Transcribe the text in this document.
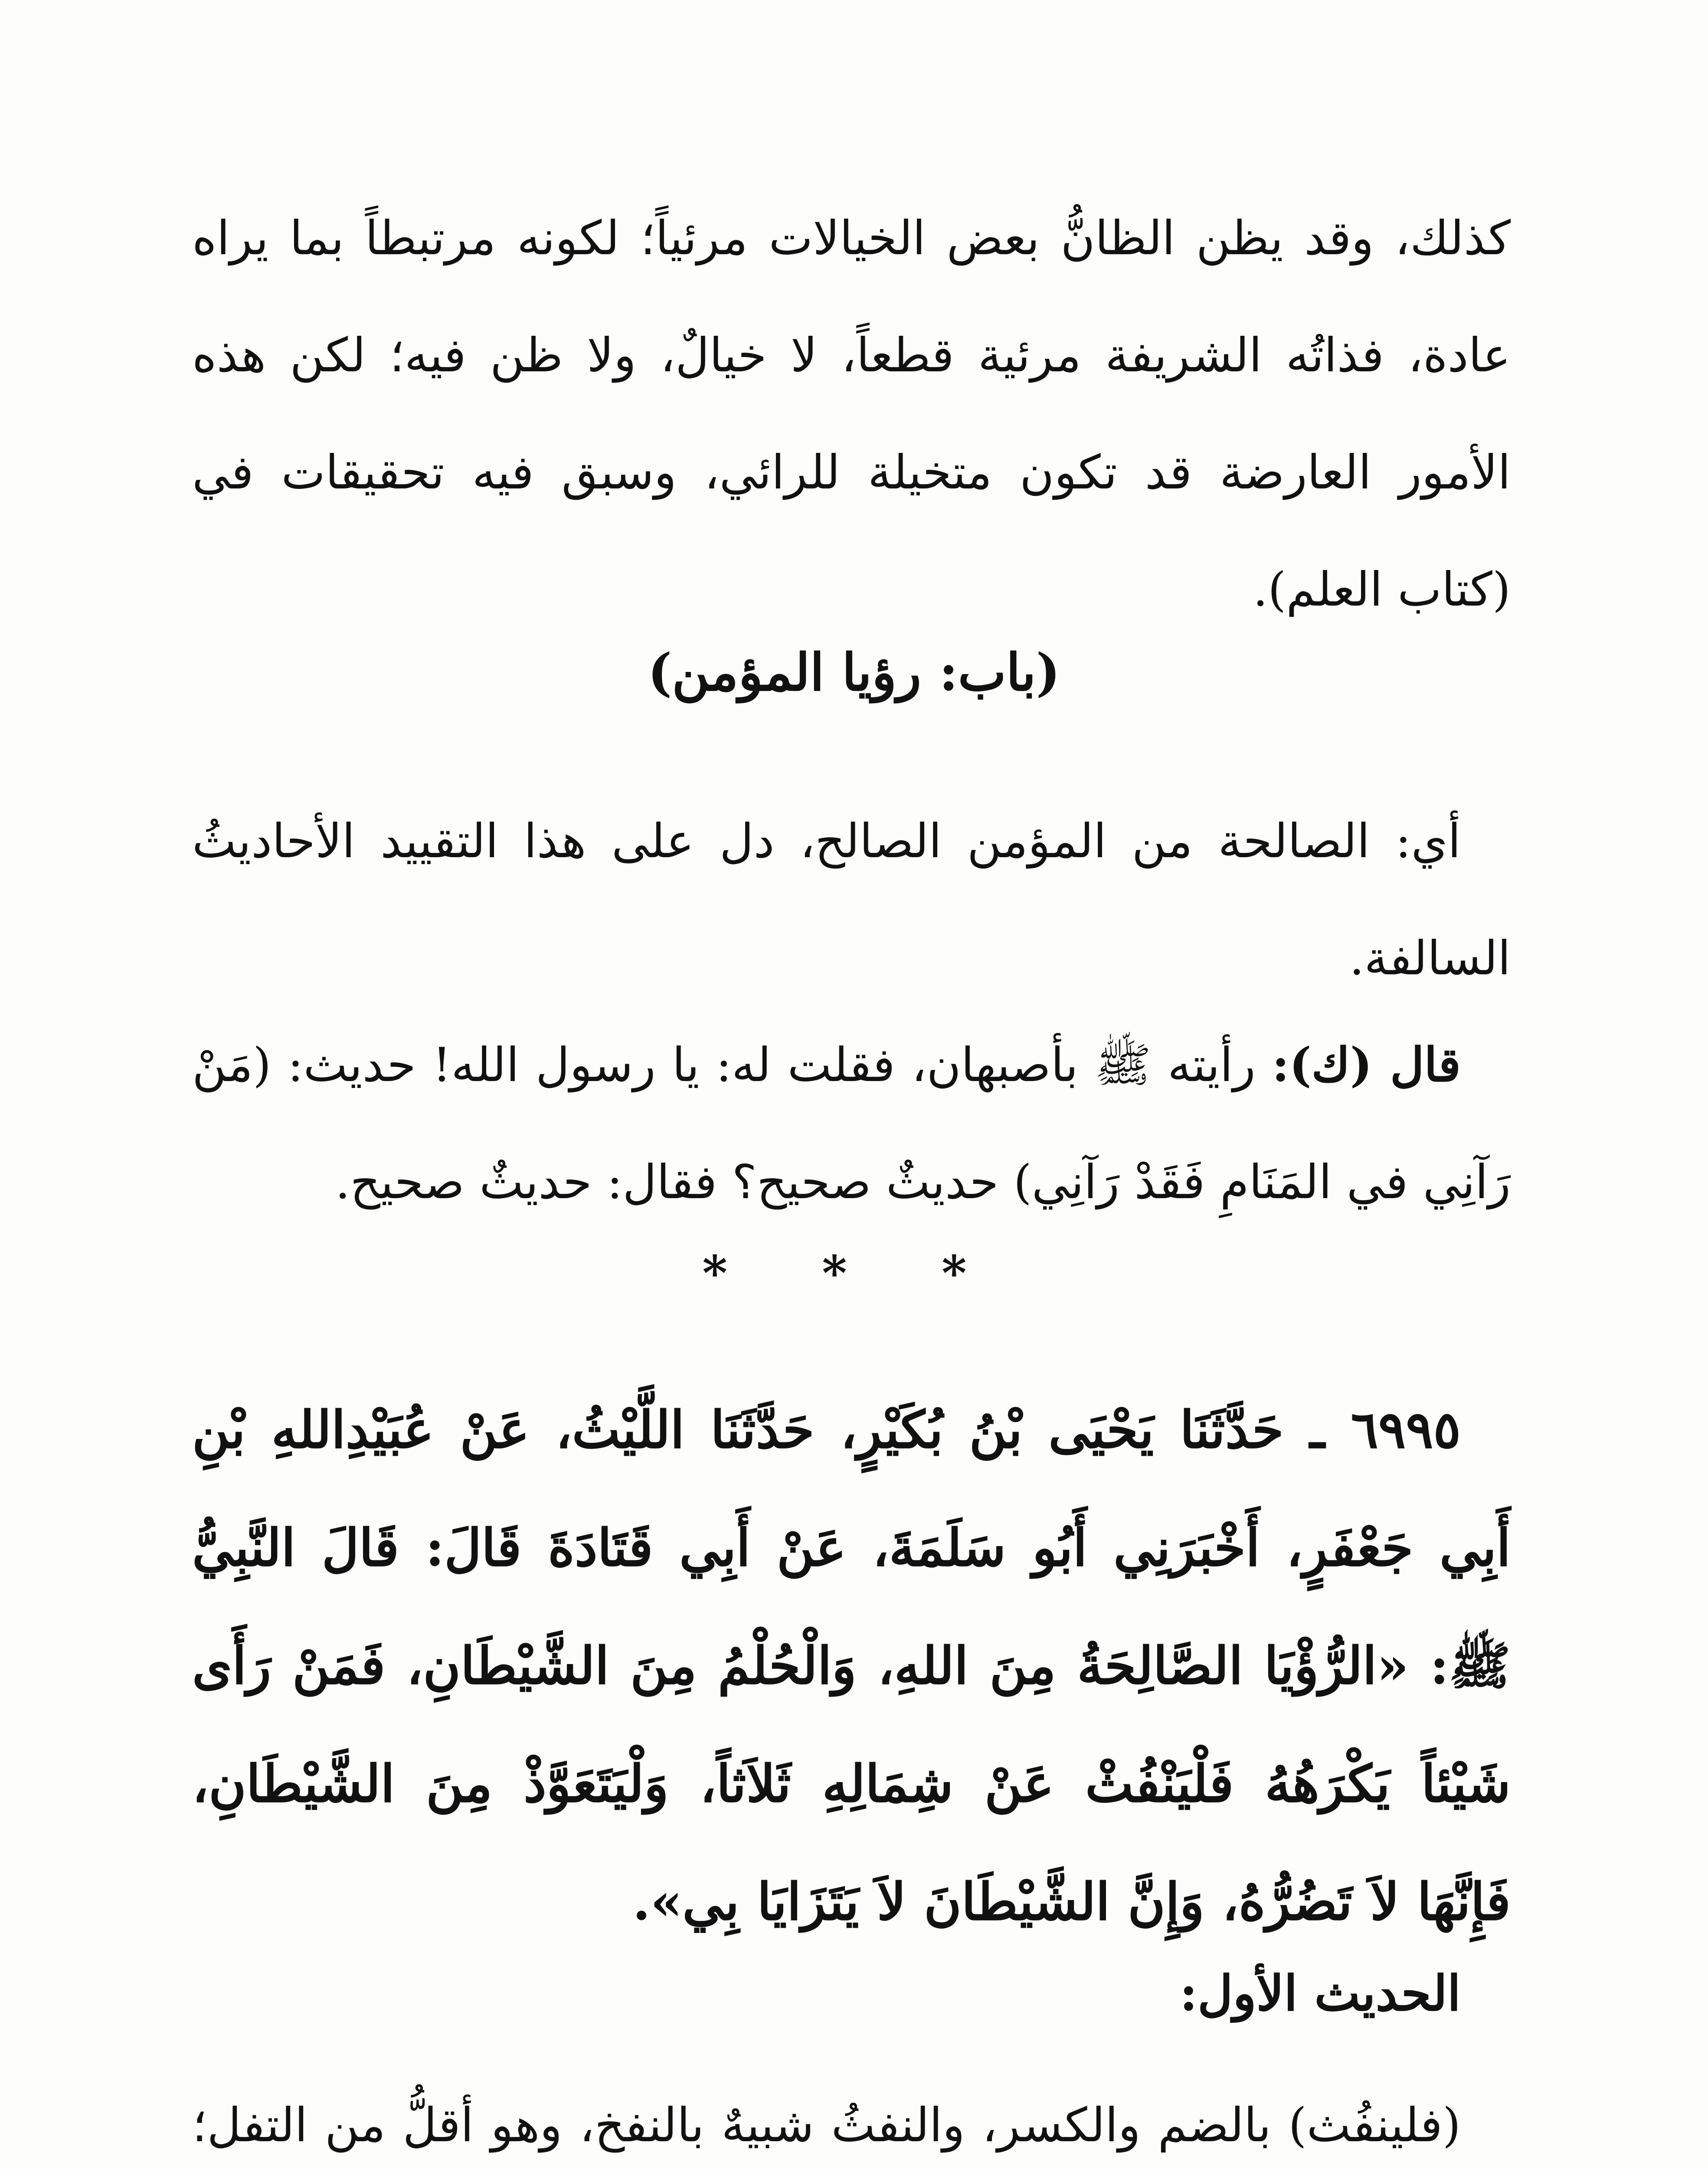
كذلك، وقد يظن الظانُّ بعض الخيالات مرئياً؛ لكونه مرتبطاً بما يراه عادة، فذاتُه الشريفة مرئية قطعاً، لا خيالٌ، ولا ظن فيه؛ لكن هذه الأمور العارضة قد تكون متخيلة للرائي، وسبق فيه تحقيقات في (كتاب العلم).

(باب: رؤيا المؤمن)

أي: الصالحة من المؤمن الصالح، دل على هذا التقييد الأحاديثُ السالفة.

قال (ك): رأيته ﷺ بأصبهان، فقلت له: يا رسول الله! حديث: (مَنْ رَآنِي في المَنَامِ فَقَدْ رَآنِي) حديثٌ صحيح؟ فقال: حديثٌ صحيح.

* * *

٦٩٩٥ ـ حَدَّثَنَا يَحْيَى بْنُ بُكَيْرٍ، حَدَّثَنَا اللَّيْثُ، عَنْ عُبَيْدِاللهِ بْنِ أَبِي جَعْفَرٍ، أَخْبَرَنِي أَبُو سَلَمَةَ، عَنْ أَبِي قَتَادَةَ قَالَ: قَالَ النَّبِيُّ ﷺ: «الرُّؤْيَا الصَّالِحَةُ مِنَ اللهِ، وَالْحُلْمُ مِنَ الشَّيْطَانِ، فَمَنْ رَأَى شَيْئاً يَكْرَهُهُ فَلْيَنْفُثْ عَنْ شِمَالِهِ ثَلاَثاً، وَلْيَتَعَوَّذْ مِنَ الشَّيْطَانِ، فَإِنَّهَا لاَ تَضُرُّهُ، وَإِنَّ الشَّيْطَانَ لاَ يَتَزَايَا بِي».

الحديث الأول:

(فلينفُث) بالضم والكسر، والنفثُ شبيهٌ بالنفخ، وهو أقلُّ من التفل؛
